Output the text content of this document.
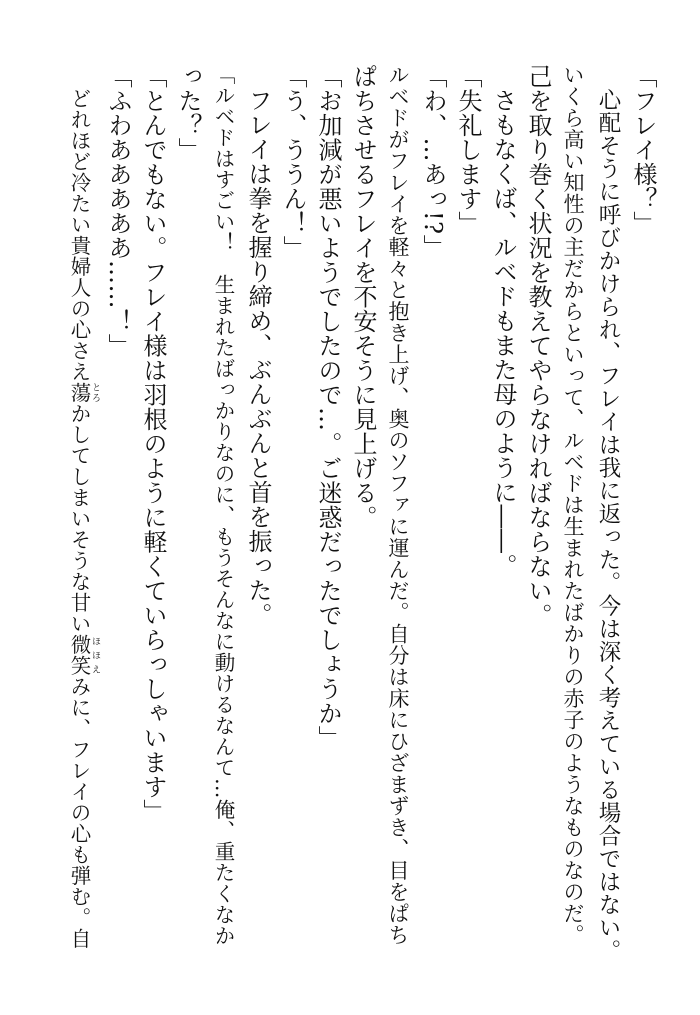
「フレイ様？」
心配そうに呼びかけられ、フレイは我に返った。今は深く考えている場合ではない。
いくら高い知性の主だからといって、ルベドは生まれたばかりの赤子のようなものなのだ。
己を取り巻く状況を教えてやらなければならない。
さもなくば、ルベドもまた母のように――。
「失礼します」
「わ、…あっ!?」
ルベドがフレイを軽々と抱き上げ、奥のソファに運んだ。自分は床にひざまずき、目をぱち
ぱちさせるフレイを不安そうに見上げる。
「お加減が悪いようでしたので…。ご迷惑だったでしょうか」
「う、ううん！」
フレイは拳を握り締め、ぶんぶんと首を振った。
「ルベドはすごい！　生まれたばっかりなのに、もうそんなに動けるなんて…俺、重たくなか
った？」
「とんでもない。フレイ様は羽根のように軽くていらっしゃいます」
「ふわあああああ……！」
どれほど冷たい貴婦人の心さえ蕩 とろかしてしまいそうな甘い微笑 ほほえみに、フレイの心も弾む。自
